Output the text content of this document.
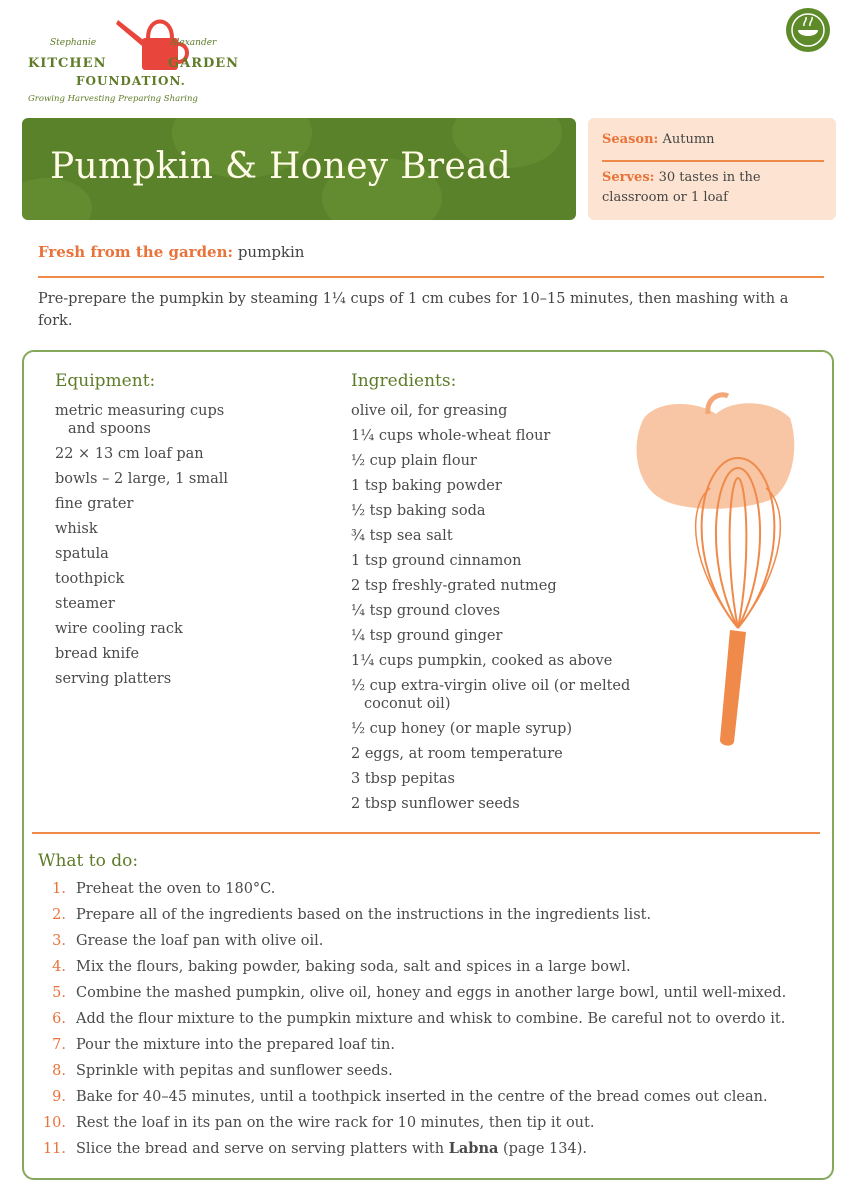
Stephanie	Alexander
KITCHEN	GARDEN
FOUNDATION.
Growing Harvesting Preparing Sharing
Pumpkin & Honey Bread
Season: Autumn
Serves: 30 tastes in the classroom or 1 loaf
Fresh from the garden: pumpkin
Pre-prepare the pumpkin by steaming 1¼ cups of 1 cm cubes for 10–15 minutes, then mashing with a fork.
Equipment:
metric measuring cups
and spoons
22 × 13 cm loaf pan
bowls – 2 large, 1 small
fine grater
whisk
spatula
toothpick
steamer
wire cooling rack
bread knife
serving platters
Ingredients:
olive oil, for greasing
1¼ cups whole-wheat flour
½ cup plain flour
1 tsp baking powder
½ tsp baking soda
¾ tsp sea salt
1 tsp ground cinnamon
2 tsp freshly-grated nutmeg
¼ tsp ground cloves
¼ tsp ground ginger
1¼ cups pumpkin, cooked as above
½ cup extra-virgin olive oil (or melted
coconut oil)
½ cup honey (or maple syrup)
2 eggs, at room temperature
3 tbsp pepitas
2 tbsp sunflower seeds
What to do:
1. Preheat the oven to 180°C.
2. Prepare all of the ingredients based on the instructions in the ingredients list.
3. Grease the loaf pan with olive oil.
4. Mix the flours, baking powder, baking soda, salt and spices in a large bowl.
5. Combine the mashed pumpkin, olive oil, honey and eggs in another large bowl, until well-mixed.
6. Add the flour mixture to the pumpkin mixture and whisk to combine. Be careful not to overdo it.
7. Pour the mixture into the prepared loaf tin.
8. Sprinkle with pepitas and sunflower seeds.
9. Bake for 40–45 minutes, until a toothpick inserted in the centre of the bread comes out clean.
10. Rest the loaf in its pan on the wire rack for 10 minutes, then tip it out.
11. Slice the bread and serve on serving platters with Labna (page 134).
